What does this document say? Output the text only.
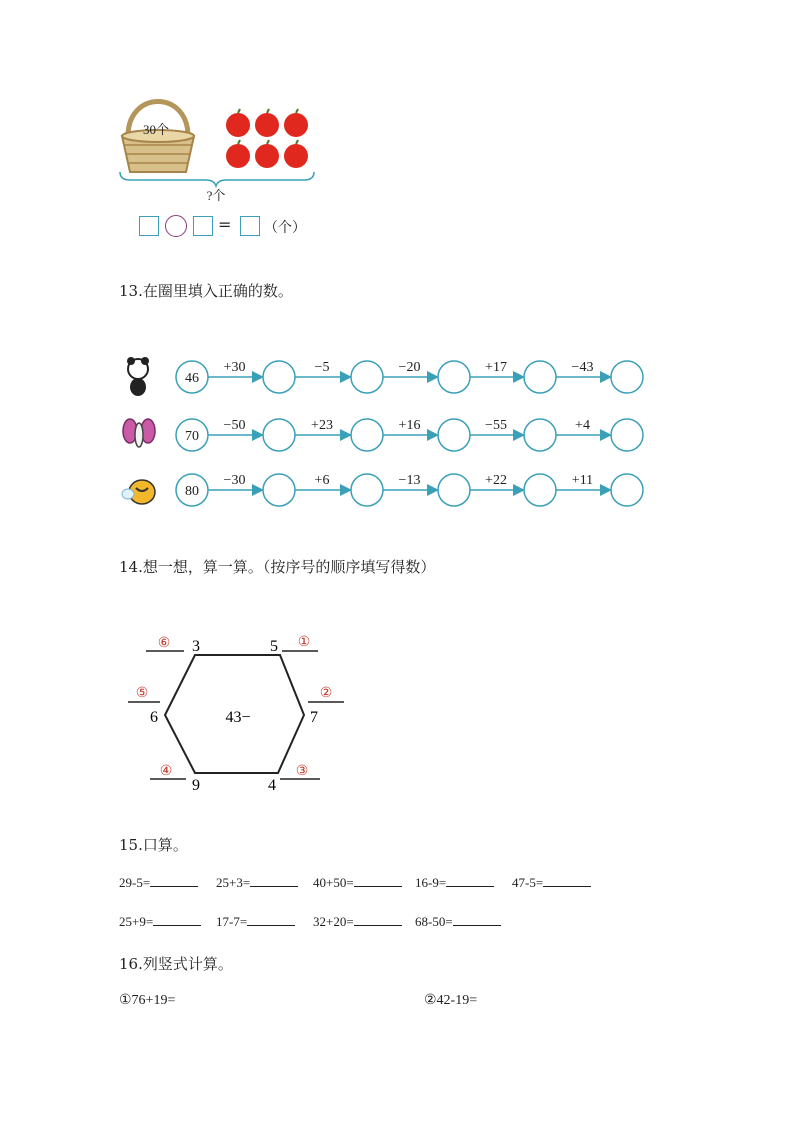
30个
?个
= （个）
13.在圈里填入正确的数。
46
+30	−5	−20	+17	−43
70
−50	+23	+16	−55	+4
80
−30	+6	−13	+22	+11
14.想一想，算一算。（按序号的顺序填写得数）
43−
3	5
7
4
9
6
⑥	①
②
③
④
⑤
15.口算。
29-5=	25+3=	40+50=	16-9=	47-5=
25+9=	17-7=	32+20=	68-50=
16.列竖式计算。
①76+19=	②42-19=
